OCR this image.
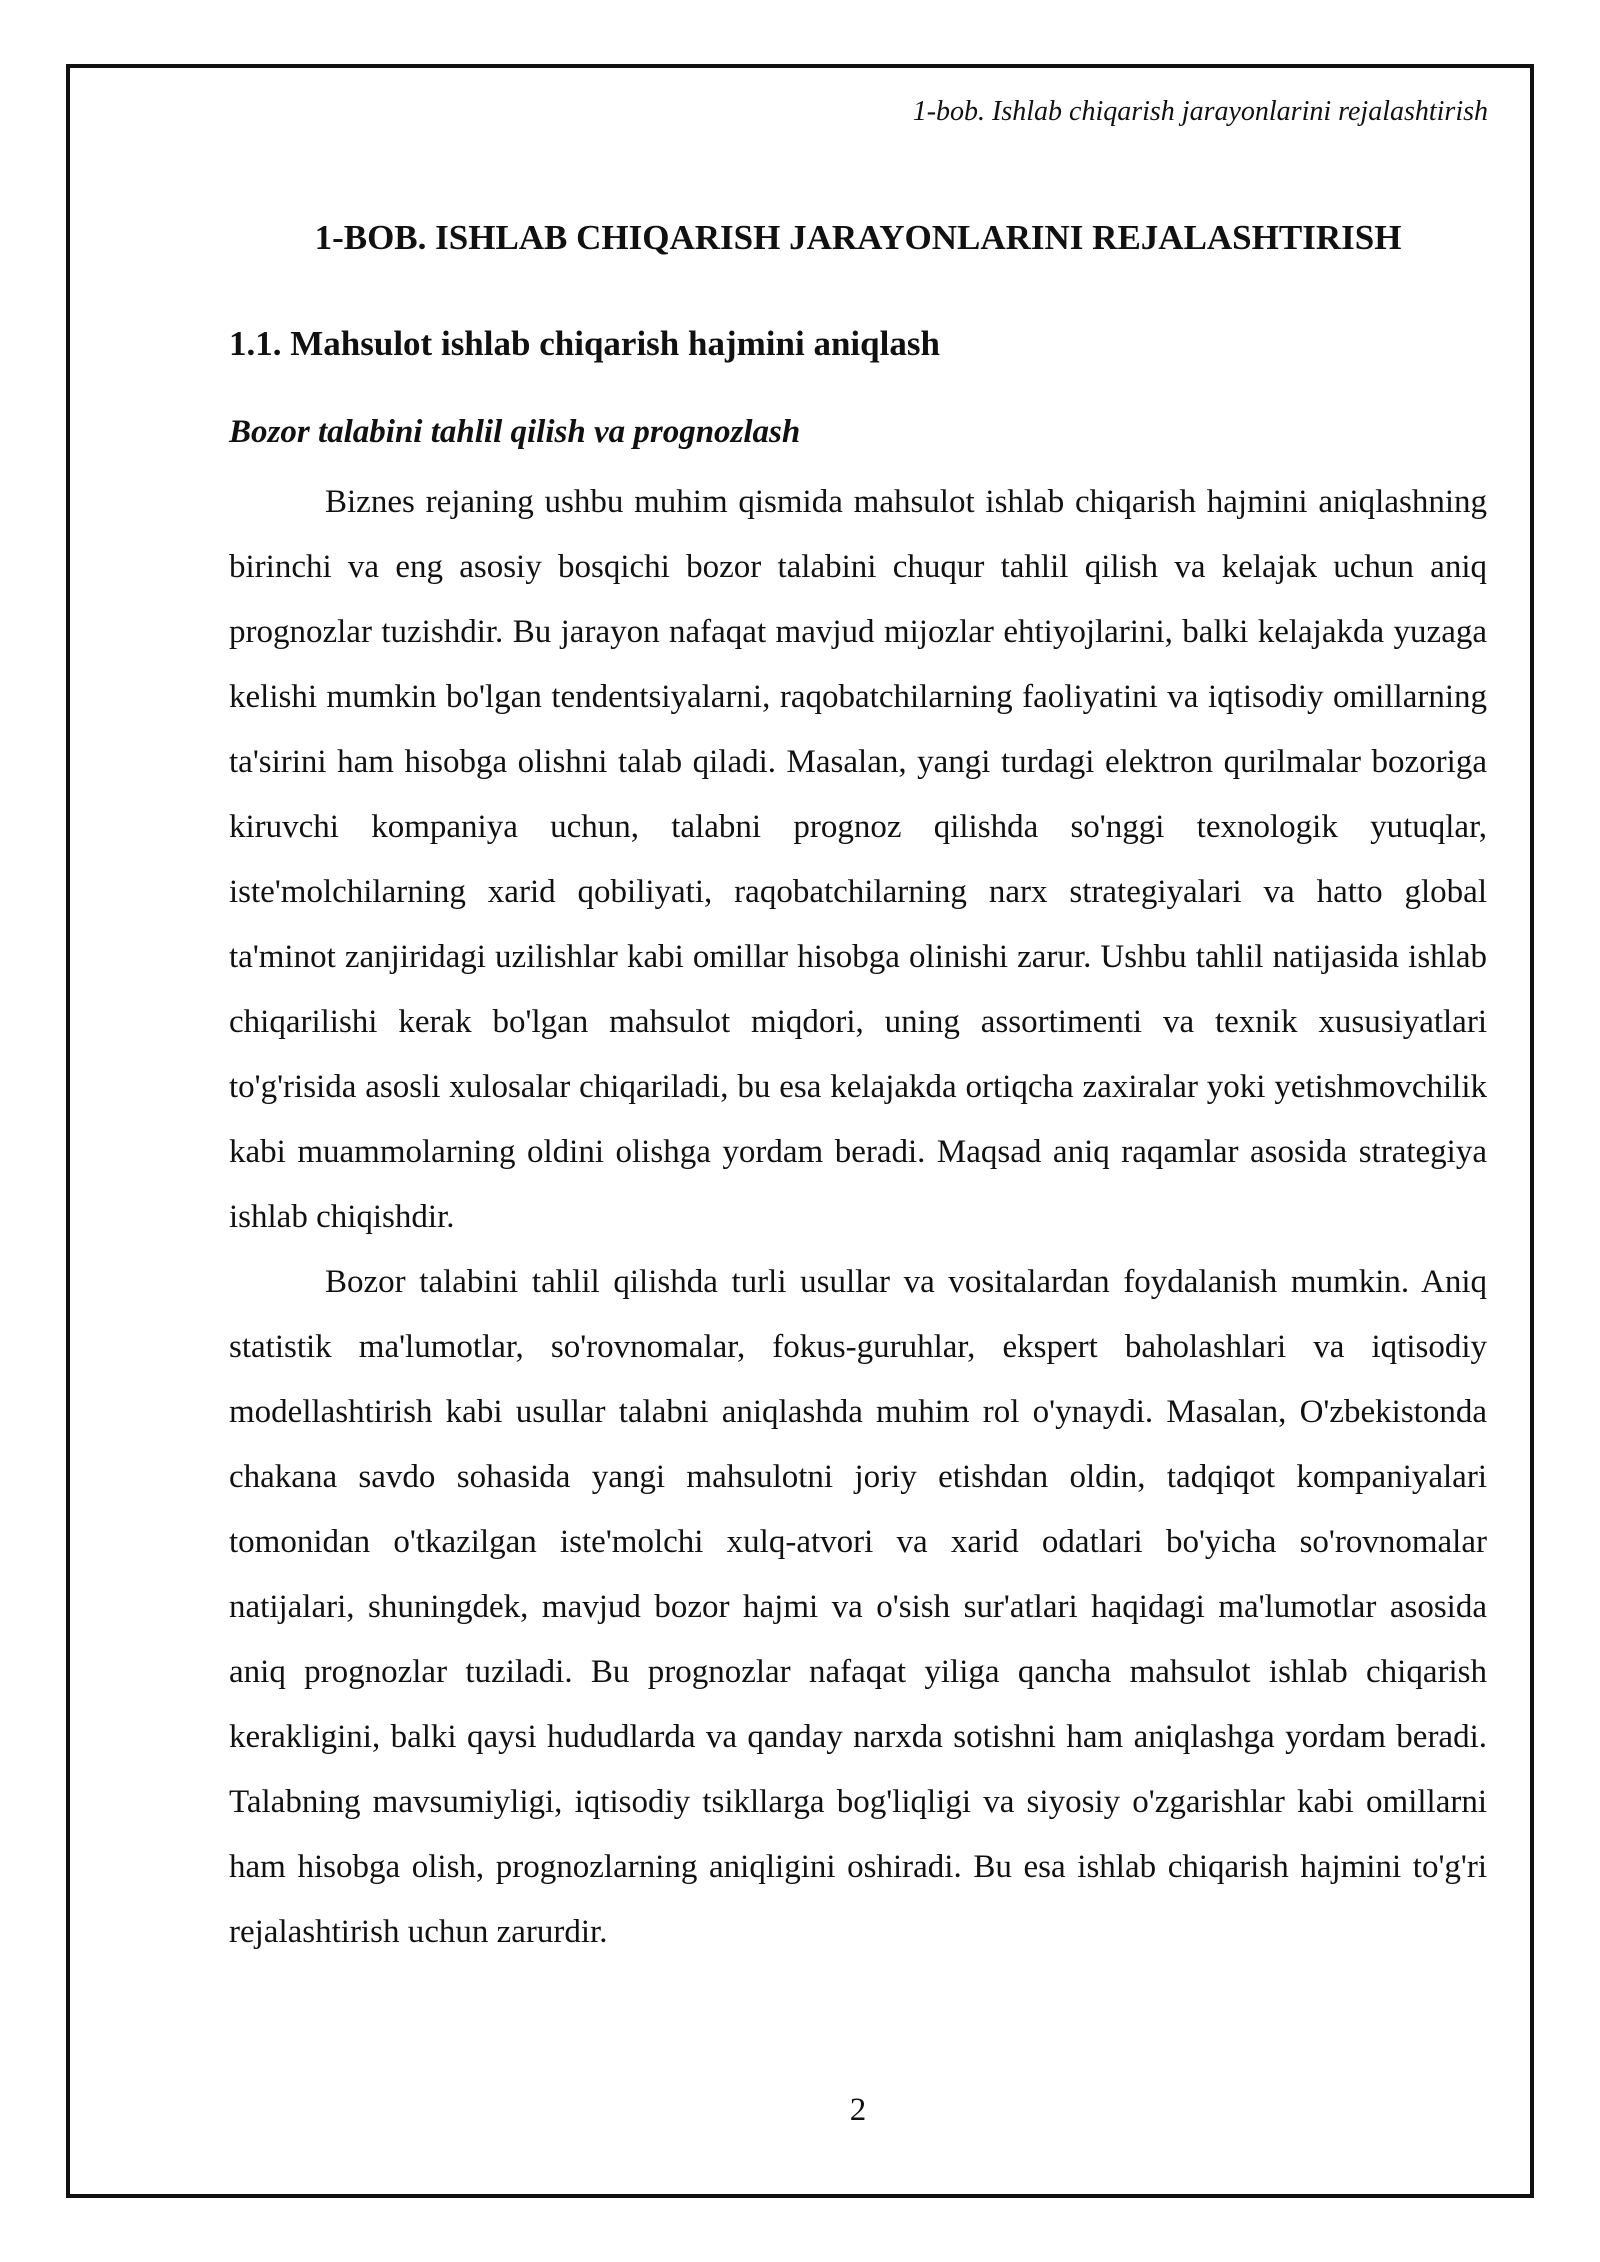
1-bob. Ishlab chiqarish jarayonlarini rejalashtirish
1-BOB. ISHLAB CHIQARISH JARAYONLARINI REJALASHTIRISH
1.1. Mahsulot ishlab chiqarish hajmini aniqlash
Bozor talabini tahlil qilish va prognozlash

Biznes rejaning ushbu muhim qismida mahsulot ishlab chiqarish hajmini aniqlashning birinchi va eng asosiy bosqichi bozor talabini chuqur tahlil qilish va kelajak uchun aniq prognozlar tuzishdir. Bu jarayon nafaqat mavjud mijozlar ehtiyojlarini, balki kelajakda yuzaga kelishi mumkin bo'lgan tendentsiyalarni, raqobatchilarning faoliyatini va iqtisodiy omillarning ta'sirini ham hisobga olishni talab qiladi. Masalan, yangi turdagi elektron qurilmalar bozoriga kiruvchi kompaniya uchun, talabni prognoz qilishda so'nggi texnologik yutuqlar, iste'molchilarning xarid qobiliyati, raqobatchilarning narx strategiyalari va hatto global ta'minot zanjiridagi uzilishlar kabi omillar hisobga olinishi zarur. Ushbu tahlil natijasida ishlab chiqarilishi kerak bo'lgan mahsulot miqdori, uning assortimenti va texnik xususiyatlari to'g'risida asosli xulosalar chiqariladi, bu esa kelajakda ortiqcha zaxiralar yoki yetishmovchilik kabi muammolarning oldini olishga yordam beradi. Maqsad aniq raqamlar asosida strategiya ishlab chiqishdir.

Bozor talabini tahlil qilishda turli usullar va vositalardan foydalanish mumkin. Aniq statistik ma'lumotlar, so'rovnomalar, fokus-guruhlar, ekspert baholashlari va iqtisodiy modellashtirish kabi usullar talabni aniqlashda muhim rol o'ynaydi. Masalan, O'zbekistonda chakana savdo sohasida yangi mahsulotni joriy etishdan oldin, tadqiqot kompaniyalari tomonidan o'tkazilgan iste'molchi xulq-atvori va xarid odatlari bo'yicha so'rovnomalar natijalari, shuningdek, mavjud bozor hajmi va o'sish sur'atlari haqidagi ma'lumotlar asosida aniq prognozlar tuziladi. Bu prognozlar nafaqat yiliga qancha mahsulot ishlab chiqarish kerakligini, balki qaysi hududlarda va qanday narxda sotishni ham aniqlashga yordam beradi. Talabning mavsumiyligi, iqtisodiy tsikllarga bog'liqligi va siyosiy o'zgarishlar kabi omillarni ham hisobga olish, prognozlarning aniqligini oshiradi. Bu esa ishlab chiqarish hajmini to'g'ri rejalashtirish uchun zarurdir.

2
